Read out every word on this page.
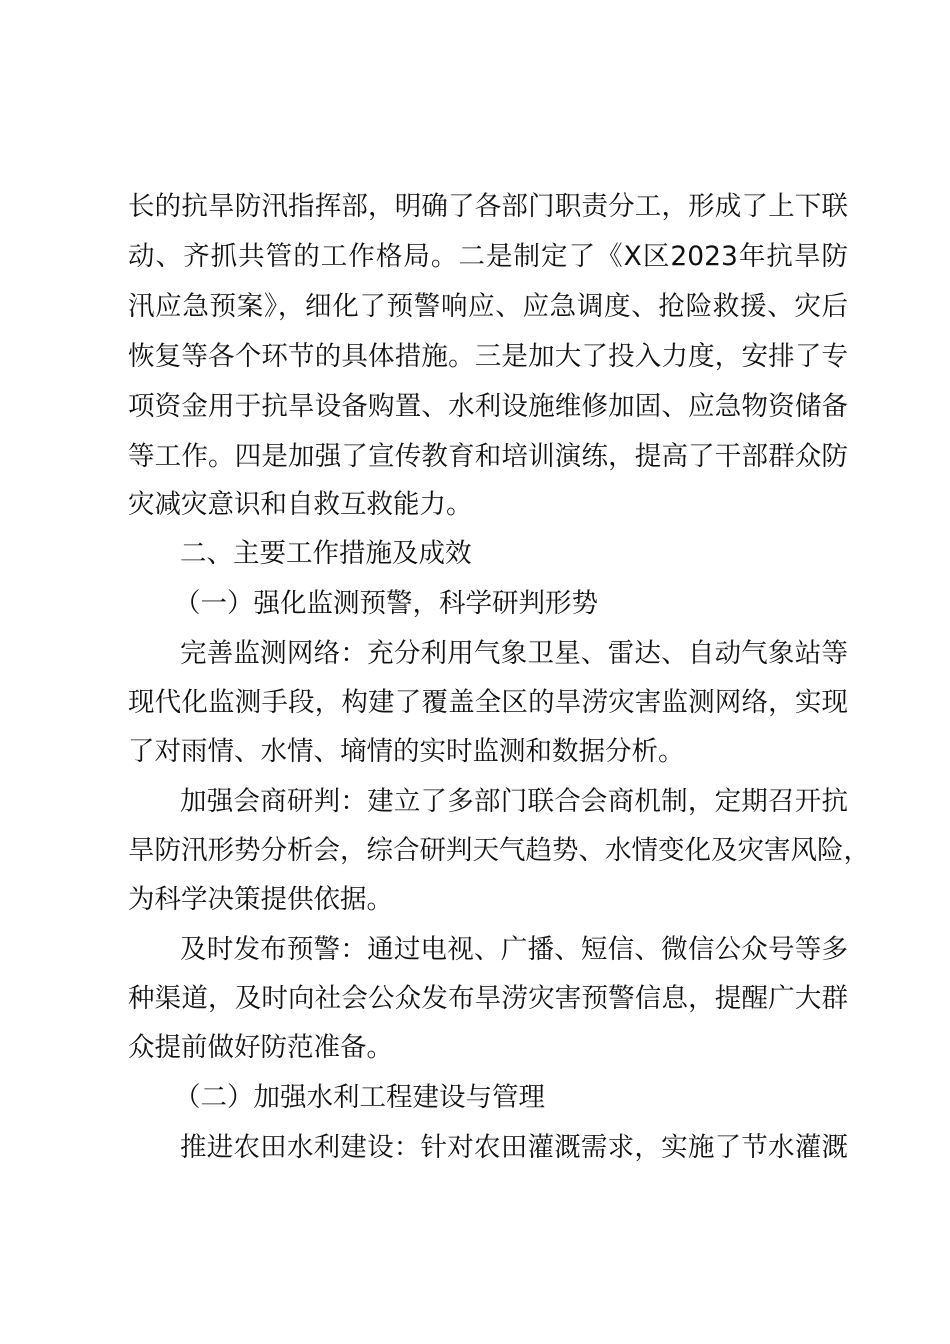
长的抗旱防汛指挥部，明确了各部门职责分工，形成了上下联
动、齐抓共管的工作格局。二是制定了《X区2023年抗旱防
汛应急预案》，细化了预警响应、应急调度、抢险救援、灾后
恢复等各个环节的具体措施。三是加大了投入力度，安排了专
项资金用于抗旱设备购置、水利设施维修加固、应急物资储备
等工作。四是加强了宣传教育和培训演练，提高了干部群众防
灾减灾意识和自救互救能力。
二、主要工作措施及成效
（一）强化监测预警，科学研判形势
完善监测网络：充分利用气象卫星、雷达、自动气象站等
现代化监测手段，构建了覆盖全区的旱涝灾害监测网络，实现
了对雨情、水情、墒情的实时监测和数据分析。
加强会商研判：建立了多部门联合会商机制，定期召开抗
旱防汛形势分析会，综合研判天气趋势、水情变化及灾害风险，
为科学决策提供依据。
及时发布预警：通过电视、广播、短信、微信公众号等多
种渠道，及时向社会公众发布旱涝灾害预警信息，提醒广大群
众提前做好防范准备。
（二）加强水利工程建设与管理
推进农田水利建设：针对农田灌溉需求，实施了节水灌溉
